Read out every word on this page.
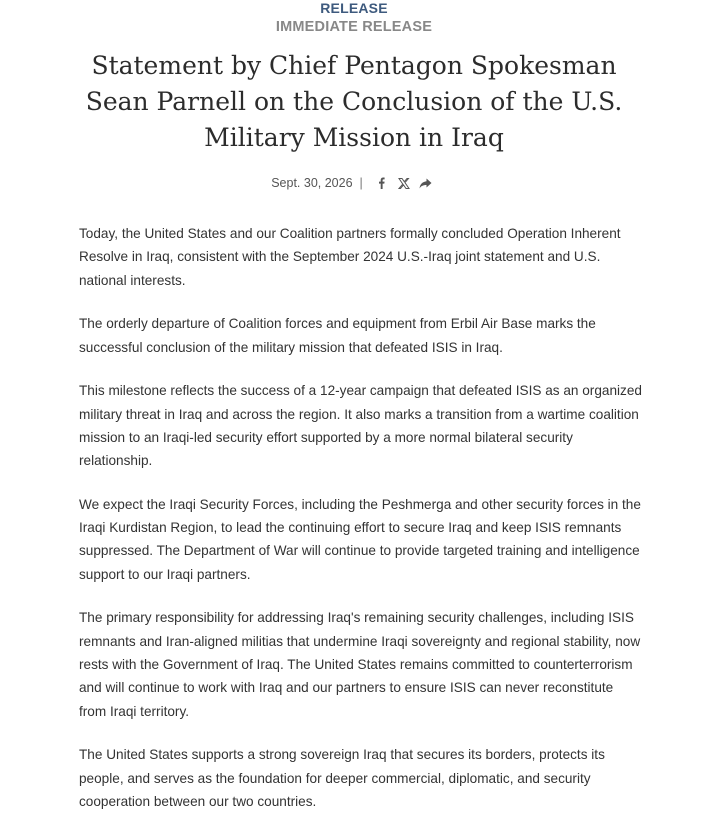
RELEASE
IMMEDIATE RELEASE
Statement by Chief Pentagon Spokesman Sean Parnell on the Conclusion of the U.S. Military Mission in Iraq
Sept. 30, 2026 |

Today, the United States and our Coalition partners formally concluded Operation Inherent Resolve in Iraq, consistent with the September 2024 U.S.-Iraq joint statement and U.S. national interests.

The orderly departure of Coalition forces and equipment from Erbil Air Base marks the successful conclusion of the military mission that defeated ISIS in Iraq.

This milestone reflects the success of a 12-year campaign that defeated ISIS as an organized military threat in Iraq and across the region. It also marks a transition from a wartime coalition mission to an Iraqi-led security effort supported by a more normal bilateral security relationship.

We expect the Iraqi Security Forces, including the Peshmerga and other security forces in the Iraqi Kurdistan Region, to lead the continuing effort to secure Iraq and keep ISIS remnants suppressed. The Department of War will continue to provide targeted training and intelligence support to our Iraqi partners.

The primary responsibility for addressing Iraq's remaining security challenges, including ISIS remnants and Iran-aligned militias that undermine Iraqi sovereignty and regional stability, now rests with the Government of Iraq. The United States remains committed to counterterrorism and will continue to work with Iraq and our partners to ensure ISIS can never reconstitute from Iraqi territory.

The United States supports a strong sovereign Iraq that secures its borders, protects its people, and serves as the foundation for deeper commercial, diplomatic, and security cooperation between our two countries.
